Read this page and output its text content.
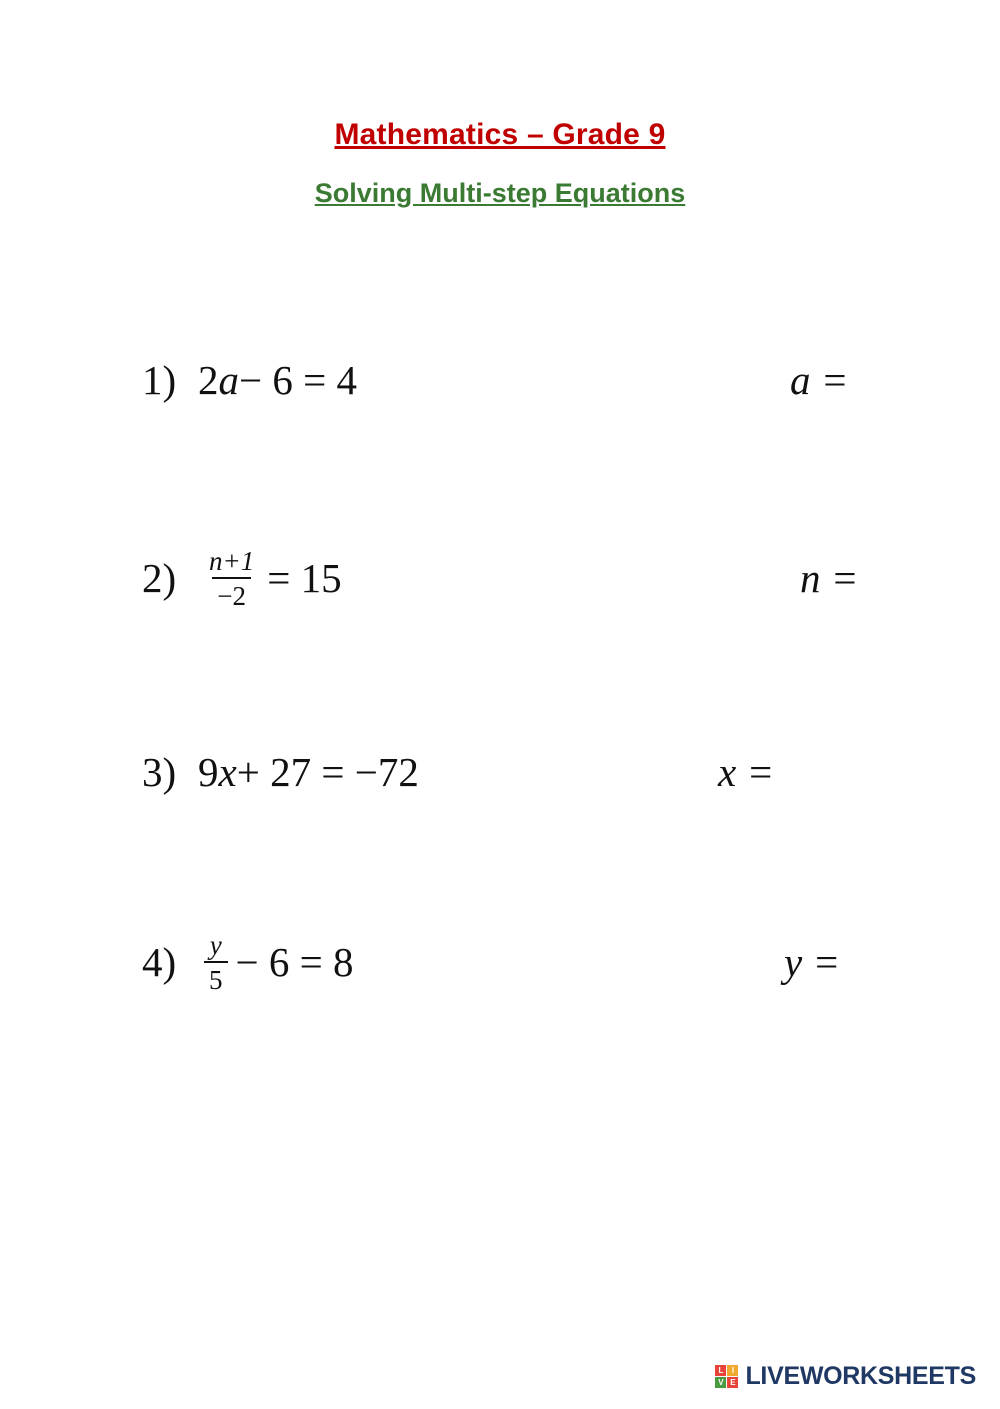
Mathematics – Grade 9
Solving Multi-step Equations
1) 2 a − 6 = 4	a =
2)	$\frac{n+1}{-2} = 15$	n =
3) 9 x + 27 = −72	x =
4)	$\frac{y}{5} - 6 = 8$	y =
L	I
V E LIVEWORKSHEETS
